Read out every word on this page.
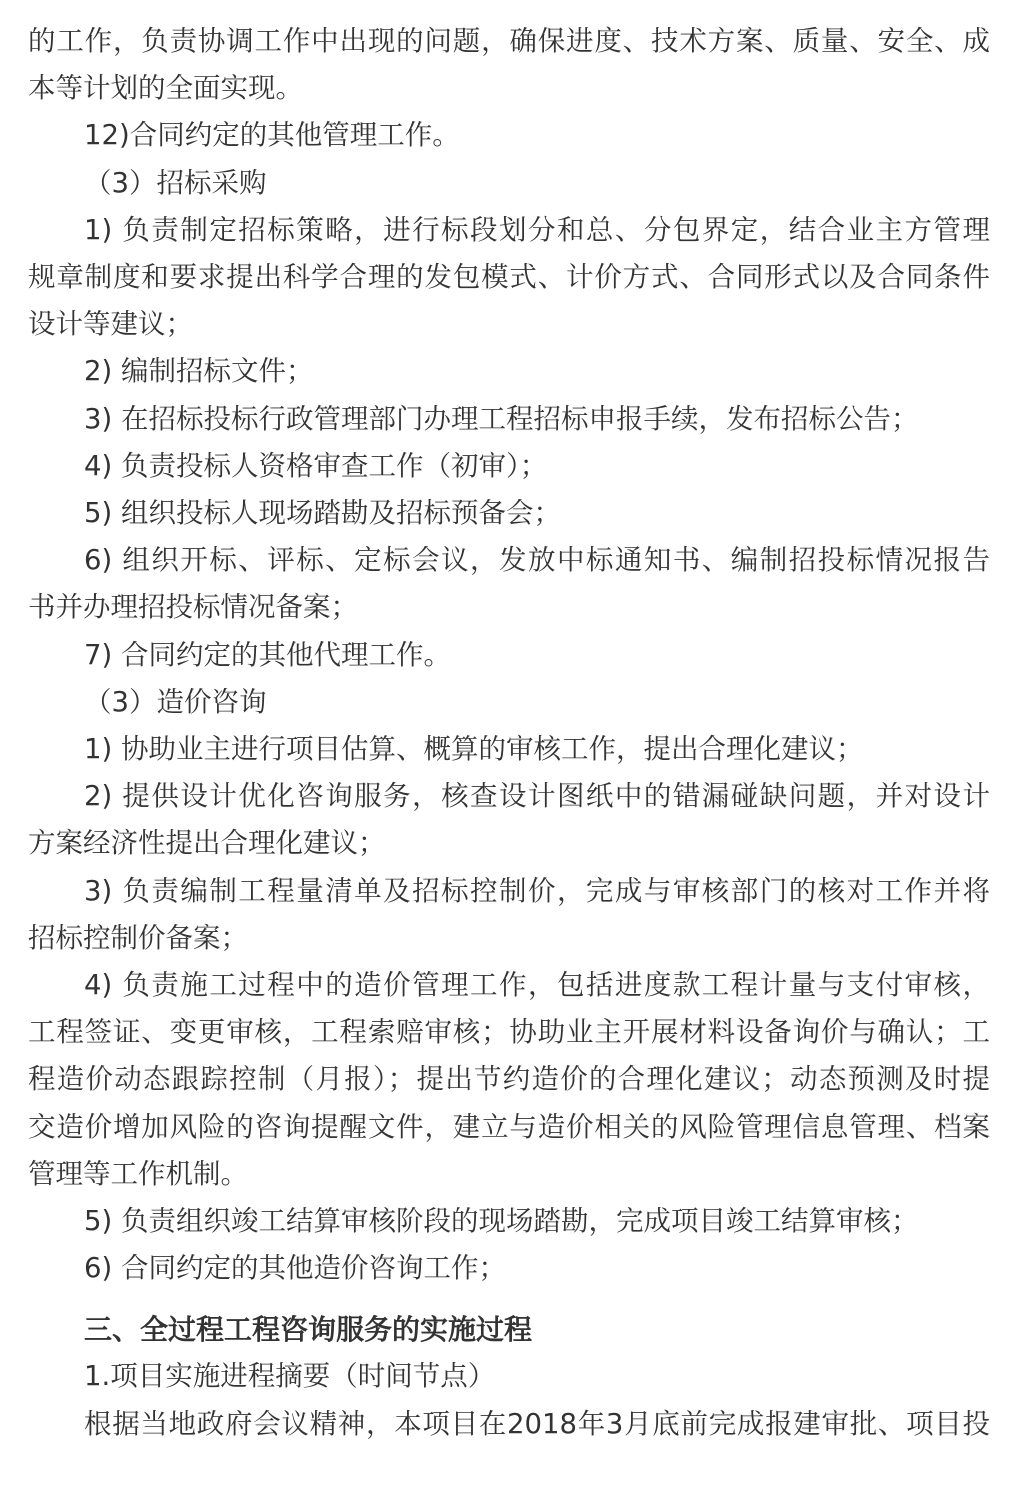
的工作，负责协调工作中出现的问题，确保进度、技术方案、质量、安全、成
本等计划的全面实现。
12)合同约定的其他管理工作。
（3）招标采购
1) 负责制定招标策略，进行标段划分和总、分包界定，结合业主方管理
规章制度和要求提出科学合理的发包模式、计价方式、合同形式以及合同条件
设计等建议；
2) 编制招标文件；
3) 在招标投标行政管理部门办理工程招标申报手续，发布招标公告；
4) 负责投标人资格审查工作（初审）；
5) 组织投标人现场踏勘及招标预备会；
6) 组织开标、评标、定标会议，发放中标通知书、编制招投标情况报告
书并办理招投标情况备案；
7) 合同约定的其他代理工作。
（3）造价咨询
1) 协助业主进行项目估算、概算的审核工作，提出合理化建议；
2) 提供设计优化咨询服务，核查设计图纸中的错漏碰缺问题，并对设计
方案经济性提出合理化建议；
3) 负责编制工程量清单及招标控制价，完成与审核部门的核对工作并将
招标控制价备案；
4) 负责施工过程中的造价管理工作，包括进度款工程计量与支付审核，
工程签证、变更审核，工程索赔审核；协助业主开展材料设备询价与确认；工
程造价动态跟踪控制（月报）；提出节约造价的合理化建议；动态预测及时提
交造价增加风险的咨询提醒文件，建立与造价相关的风险管理信息管理、档案
管理等工作机制。
5) 负责组织竣工结算审核阶段的现场踏勘，完成项目竣工结算审核；
6) 合同约定的其他造价咨询工作；
三、全过程工程咨询服务的实施过程
1.项目实施进程摘要（时间节点）
根据当地政府会议精神，本项目在2018年3月底前完成报建审批、项目投
